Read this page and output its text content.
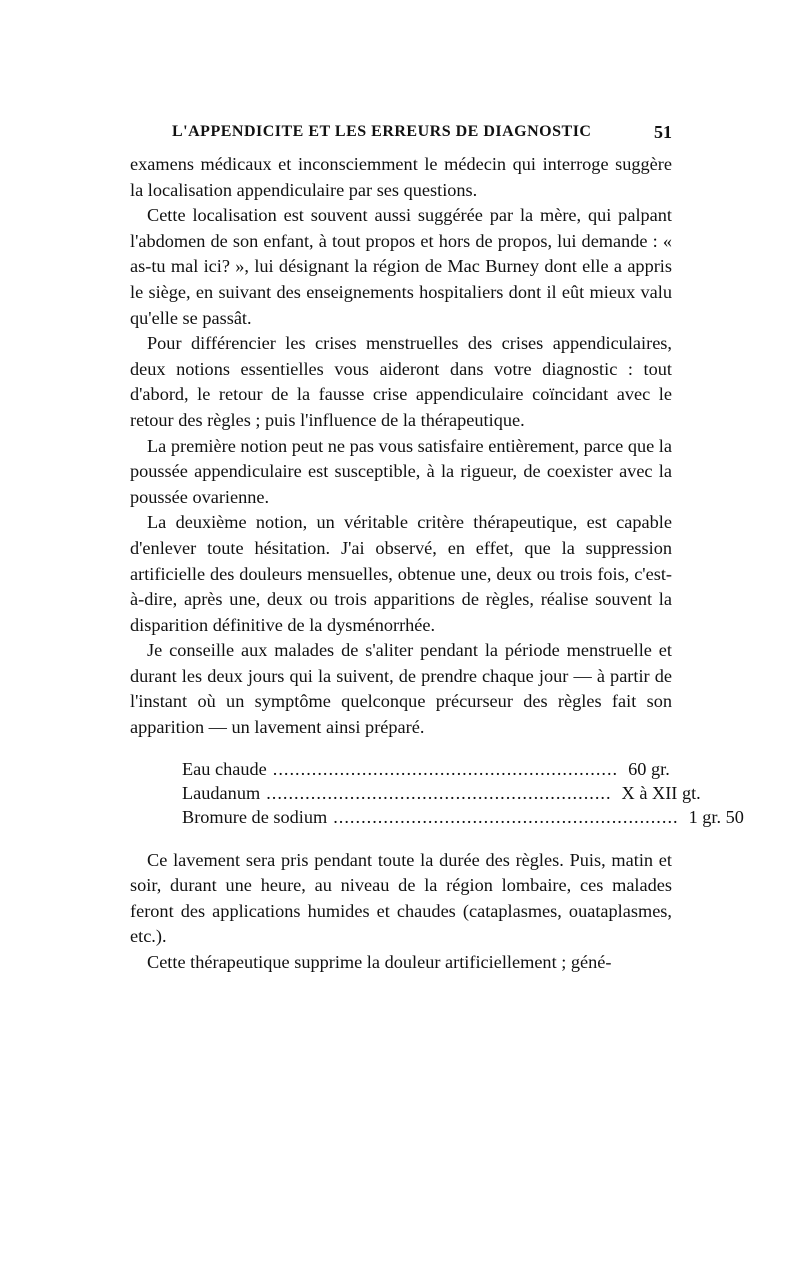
L'APPENDICITE ET LES ERREURS DE DIAGNOSTIC	51

examens médicaux et inconsciemment le médecin qui interroge suggère la localisation appendiculaire par ses questions.

Cette localisation est souvent aussi suggérée par la mère, qui palpant l'abdomen de son enfant, à tout propos et hors de propos, lui demande : « as-tu mal ici? », lui désignant la région de Mac Burney dont elle a appris le siège, en suivant des enseignements hospitaliers dont il eût mieux valu qu'elle se passât.

Pour différencier les crises menstruelles des crises appendiculaires, deux notions essentielles vous aideront dans votre diagnostic : tout d'abord, le retour de la fausse crise appendiculaire coïncidant avec le retour des règles ; puis l'influence de la thérapeutique.

La première notion peut ne pas vous satisfaire entièrement, parce que la poussée appendiculaire est susceptible, à la rigueur, de coexister avec la poussée ovarienne.

La deuxième notion, un véritable critère thérapeutique, est capable d'enlever toute hésitation. J'ai observé, en effet, que la suppression artificielle des douleurs mensuelles, obtenue une, deux ou trois fois, c'est-à-dire, après une, deux ou trois apparitions de règles, réalise souvent la disparition définitive de la dysménorrhée.

Je conseille aux malades de s'aliter pendant la période menstruelle et durant les deux jours qui la suivent, de prendre chaque jour — à partir de l'instant où un symptôme quelconque précurseur des règles fait son apparition — un lavement ainsi préparé.

Eau chaude .............................................................. 60 gr.
Laudanum .............................................................. X à XII gt.
Bromure de sodium .............................................................. 1 gr. 50

Ce lavement sera pris pendant toute la durée des règles. Puis, matin et soir, durant une heure, au niveau de la région lombaire, ces malades feront des applications humides et chaudes (cataplasmes, ouataplasmes, etc.).

Cette thérapeutique supprime la douleur artificiellement ; géné-
